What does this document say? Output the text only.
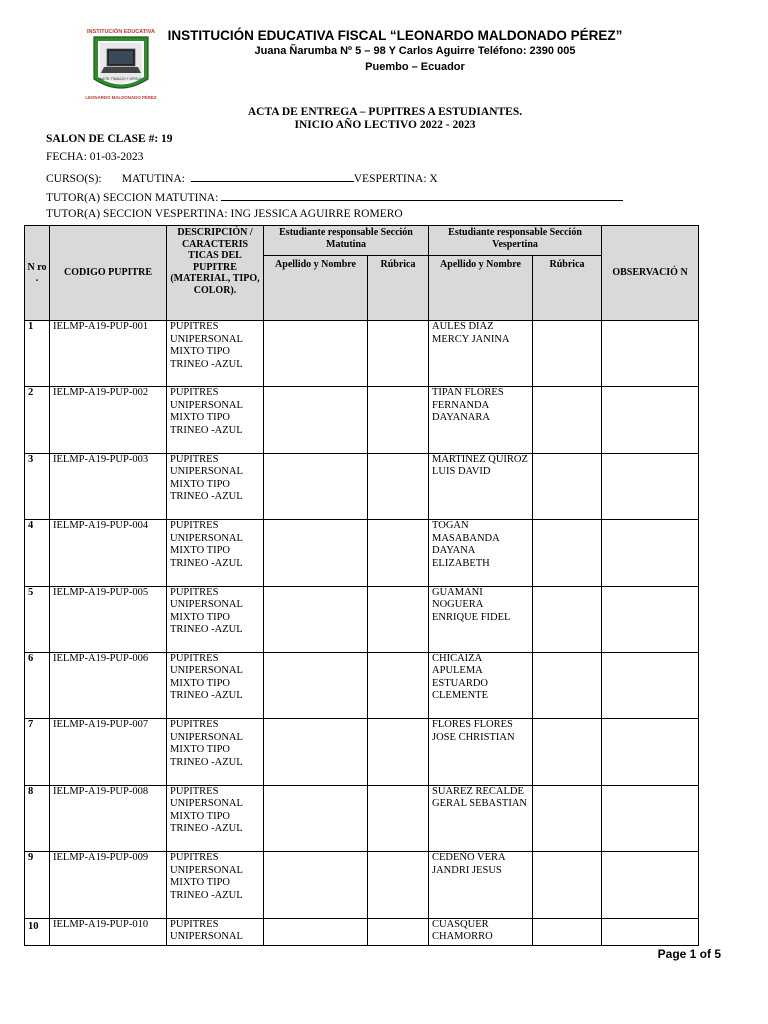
INSTITUCIÓN EDUCATIVA
AMOR, TRABAJO Y VERDAD
LEONARDO MALDONADO PÉREZ
INSTITUCIÓN EDUCATIVA FISCAL “LEONARDO MALDONADO PÉREZ”
Juana Ñarumba Nº 5 – 98 Y Carlos Aguirre Teléfono: 2390 005
Puembo – Ecuador
ACTA DE ENTREGA – PUPITRES A ESTUDIANTES.
INICIO AÑO LECTIVO 2022 - 2023
SALON DE CLASE #: 19
FECHA: 01-03-2023
CURSO(S): MATUTINA:	VESPERTINA: X
TUTOR(A) SECCION MATUTINA:
TUTOR(A) SECCION VESPERTINA: ING JESSICA AGUIRRE ROMERO
N ro .	CODIGO PUPITRE	DESCRIPCIÓN / CARACTERIS TICAS DEL PUPITRE (MATERIAL, TIPO, COLOR).	Estudiante responsable Sección Matutina		Estudiante responsable Sección Vespertina		OBSERVACIÓ N
			Apellido y Nombre	Rúbrica	Apellido y Nombre	Rúbrica	
1	IELMP-A19-PUP-001	PUPITRES UNIPERSONAL MIXTO TIPO TRINEO -AZUL			AULES DIAZ MERCY JANINA		
2	IELMP-A19-PUP-002	PUPITRES UNIPERSONAL MIXTO TIPO TRINEO -AZUL			TIPAN FLORES FERNANDA DAYANARA		
3	IELMP-A19-PUP-003	PUPITRES UNIPERSONAL MIXTO TIPO TRINEO -AZUL			MARTINEZ QUIROZ LUIS DAVID		
4	IELMP-A19-PUP-004	PUPITRES UNIPERSONAL MIXTO TIPO TRINEO -AZUL			TOGAN MASABANDA DAYANA ELIZABETH		
5	IELMP-A19-PUP-005	PUPITRES UNIPERSONAL MIXTO TIPO TRINEO -AZUL			GUAMANI NOGUERA ENRIQUE FIDEL		
6	IELMP-A19-PUP-006	PUPITRES UNIPERSONAL MIXTO TIPO TRINEO -AZUL			CHICAIZA APULEMA ESTUARDO CLEMENTE		
7	IELMP-A19-PUP-007	PUPITRES UNIPERSONAL MIXTO TIPO TRINEO -AZUL			FLORES FLORES JOSE CHRISTIAN		
8	IELMP-A19-PUP-008	PUPITRES UNIPERSONAL MIXTO TIPO TRINEO -AZUL			SUAREZ RECALDE GERAL SEBASTIAN		
9	IELMP-A19-PUP-009	PUPITRES UNIPERSONAL MIXTO TIPO TRINEO -AZUL			CEDEÑO VERA JANDRI JESUS		
10	IELMP-A19-PUP-010	PUPITRES UNIPERSONAL			CUASQUER CHAMORRO		
Page 1 of 5
